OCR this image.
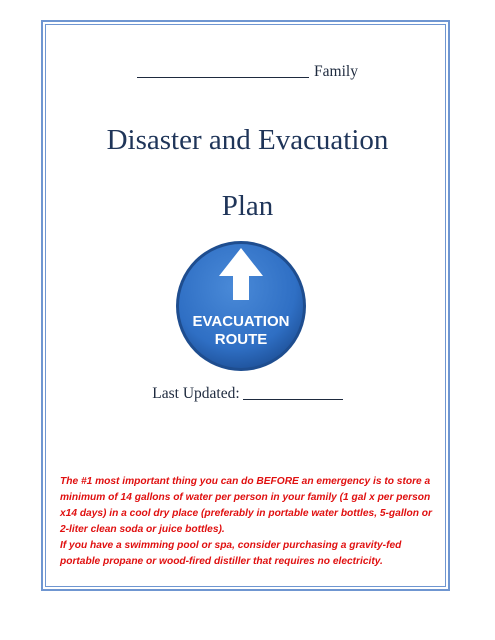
Family
Disaster and Evacuation
Plan
EVACUATION
ROUTE
Last Updated:

The #1 most important thing you can do BEFORE an emergency is to store a minimum of 14 gallons of water per person in your family (1 gal x per person x14 days) in a cool dry place (preferably in portable water bottles, 5-gallon or 2-liter clean soda or juice bottles).

If you have a swimming pool or spa, consider purchasing a gravity-fed portable propane or wood-fired distiller that requires no electricity.
